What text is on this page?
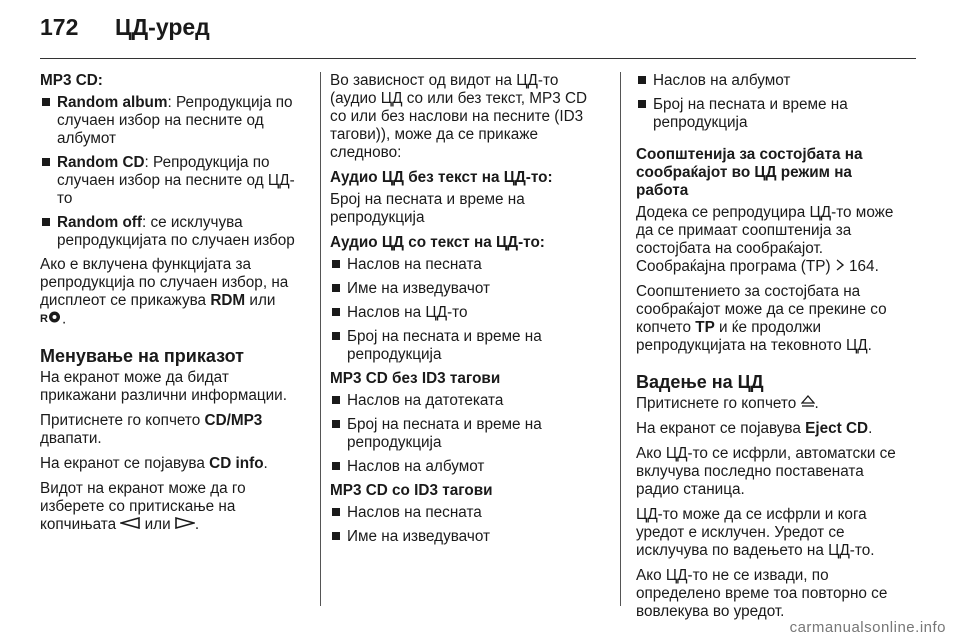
172 ЦД-уред
MP3 CD:
Random album: Репродукција по случаен избор на песните од албумот
Random CD: Репродукција по случаен избор на песните од ЦД-то
Random off: се исклучува репродукцијата по случаен избор
Ако е вклучена функцијата за репродукција по случаен избор, на дисплеот се прикажува RDM или

R .
Менување на приказот
На екранот може да бидат прикажани различни информации.
Притиснете го копчето CD/MP3 двапати.
На екранот се појавува CD info.
Видот на екранот може да го изберете со притискање на копчињата  или .
Во зависност од видот на ЦД-то (аудио ЦД со или без текст, MP3 CD со или без наслови на песните (ID3 тагови)), може да се прикаже следново:
Аудио ЦД без текст на ЦД-то:
Број на песната и време на репродукција
Аудио ЦД со текст на ЦД-то:
Наслов на песната
Име на изведувачот
Наслов на ЦД-то
Број на песната и време на репродукција
MP3 CD без ID3 тагови
Наслов на датотеката
Број на песната и време на репродукција
Наслов на албумот
MP3 CD со ID3 тагови
Наслов на песната
Име на изведувачот
Наслов на албумот
Број на песната и време на репродукција
Соопштенија за состојбата на сообраќајот во ЦД режим на работа
Додека се репродуцира ЦД-то може да се примаат соопштенија за состојбата на сообраќајот. Сообраќајна програма (TP)  164.
Соопштението за состојбата на сообраќајот може да се прекине со копчето TP и ќе продолжи репродукцијата на тековното ЦД.
Вадење на ЦД
Притиснете го копчето .
На екранот се појавува Eject CD.
Ако ЦД-то се исфрли, автоматски се вклучува последно поставената радио станица.
ЦД-то може да се исфрли и кога уредот е исклучен. Уредот се исклучува по вадењето на ЦД-то.
Ако ЦД-то не се извади, по определено време тоа повторно се вовлекува во уредот.
carmanualsonline.info
